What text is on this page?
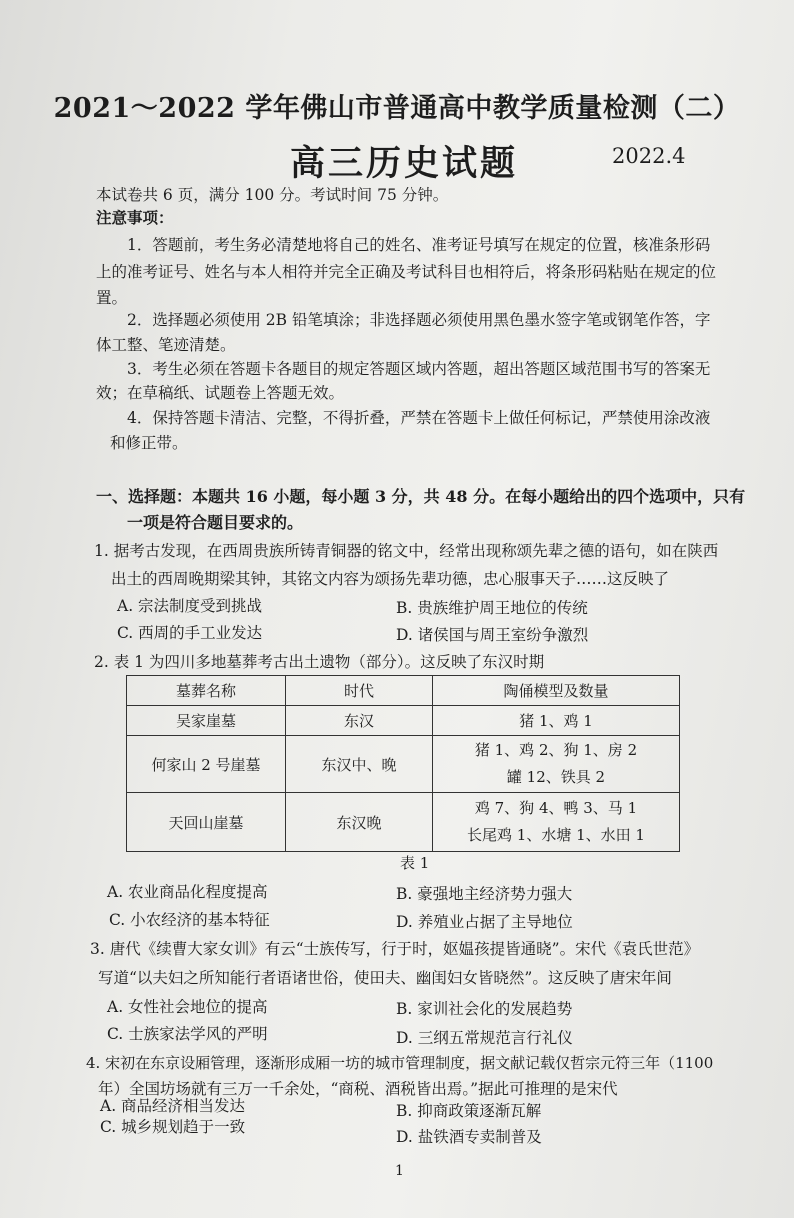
2021～2022 学年佛山市普通高中教学质量检测（二）
高三历史试题	2022.4
本试卷共 6 页，满分 100 分。考试时间 75 分钟。
注意事项：
1．答题前，考生务必清楚地将自己的姓名、准考证号填写在规定的位置，核准条形码
上的准考证号、姓名与本人相符并完全正确及考试科目也相符后，将条形码粘贴在规定的位
置。
2．选择题必须使用 2B 铅笔填涂；非选择题必须使用黑色墨水签字笔或钢笔作答，字
体工整、笔迹清楚。
3．考生必须在答题卡各题目的规定答题区域内答题，超出答题区域范围书写的答案无
效；在草稿纸、试题卷上答题无效。
4．保持答题卡清洁、完整，不得折叠，严禁在答题卡上做任何标记，严禁使用涂改液
和修正带。
一、选择题：本题共 16 小题，每小题 3 分，共 48 分。在每小题给出的四个选项中，只有
一项是符合题目要求的。
1. 据考古发现，在西周贵族所铸青铜器的铭文中，经常出现称颂先辈之德的语句，如在陕西
出土的西周晚期梁其钟，其铭文内容为颂扬先辈功德，忠心服事天子……这反映了
A. 宗法制度受到挑战	B. 贵族维护周王地位的传统
C. 西周的手工业发达	D. 诸侯国与周王室纷争激烈
2. 表 1 为四川多地墓葬考古出土遗物（部分）。这反映了东汉时期
墓葬名称	时代	陶俑模型及数量
吴家崖墓	东汉	猪 1、鸡 1
何家山 2 号崖墓	东汉中、晚	猪 1、鸡 2、狗 1、房 2
罐 12、铁具 2

天回山崖墓	东汉晚	鸡 7、狗 4、鸭 3、马 1
长尾鸡 1、水塘 1、水田 1
表 1
A. 农业商品化程度提高	B. 豪强地主经济势力强大
C. 小农经济的基本特征	D. 养殖业占据了主导地位
3. 唐代《续曹大家女训》有云“士族传写，行于时，妪媪孩提皆通晓”。宋代《袁氏世范》
写道“以夫妇之所知能行者语诸世俗，使田夫、幽闺妇女皆晓然”。这反映了唐宋年间
A. 女性社会地位的提高	B. 家训社会化的发展趋势
C. 士族家法学风的严明	D. 三纲五常规范言行礼仪
4. 宋初在东京设厢管理，逐渐形成厢一坊的城市管理制度，据文献记载仅哲宗元符三年（1100
年）全国坊场就有三万一千余处，“商税、酒税皆出焉。”据此可推理的是宋代
A. 商品经济相当发达	B. 抑商政策逐渐瓦解
C. 城乡规划趋于一致
D. 盐铁酒专卖制普及
1
